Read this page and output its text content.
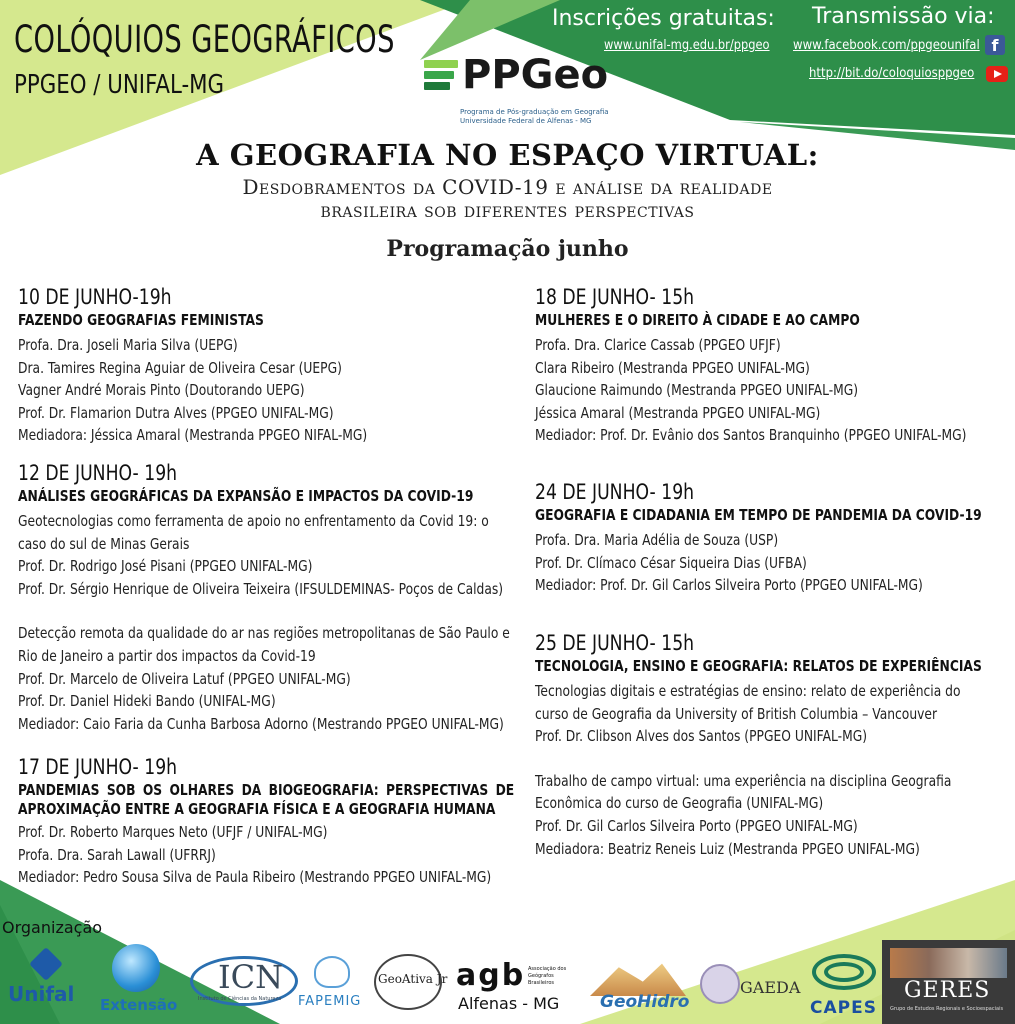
COLÓQUIOS GEOGRÁFICOS
PPGEO / UNIFAL-MG
Inscrições gratuitas:
www.unifal-mg.edu.br/ppgeo
Transmissão via:
www.facebook.com/ppgeounifal f
http://bit.do/coloquiosppgeo
PPGeo
Programa de Pós-graduação em Geografia
Universidade Federal de Alfenas - MG
A GEOGRAFIA NO ESPAÇO VIRTUAL:
Desdobramentos da COVID-19 e análise da realidade
brasileira sob diferentes perspectivas
Programação junho
10 DE JUNHO-19h
FAZENDO GEOGRAFIAS FEMINISTAS
Profa. Dra. Joseli Maria Silva (UEPG)
Dra. Tamires Regina Aguiar de Oliveira Cesar (UEPG)
Vagner André Morais Pinto (Doutorando UEPG)
Prof. Dr. Flamarion Dutra Alves (PPGEO UNIFAL-MG)
Mediadora: Jéssica Amaral (Mestranda PPGEO NIFAL-MG)
12 DE JUNHO- 19h
ANÁLISES GEOGRÁFICAS DA EXPANSÃO E IMPACTOS DA COVID-19
Geotecnologias como ferramenta de apoio no enfrentamento da Covid 19: o caso do sul de Minas Gerais
Prof. Dr. Rodrigo José Pisani (PPGEO UNIFAL-MG)
Prof. Dr. Sérgio Henrique de Oliveira Teixeira (IFSULDEMINAS- Poços de Caldas)
Detecção remota da qualidade do ar nas regiões metropolitanas de São Paulo e Rio de Janeiro a partir dos impactos da Covid-19
Prof. Dr. Marcelo de Oliveira Latuf (PPGEO UNIFAL-MG)
Prof. Dr. Daniel Hideki Bando (UNIFAL-MG)
Mediador: Caio Faria da Cunha Barbosa Adorno (Mestrando PPGEO UNIFAL-MG)
17 DE JUNHO- 19h
PANDEMIAS SOB OS OLHARES DA BIOGEOGRAFIA: PERSPECTIVAS DE APROXIMAÇÃO ENTRE A GEOGRAFIA FÍSICA E A GEOGRAFIA HUMANA
Prof. Dr. Roberto Marques Neto (UFJF / UNIFAL-MG)
Profa. Dra. Sarah Lawall (UFRRJ)
Mediador: Pedro Sousa Silva de Paula Ribeiro (Mestrando PPGEO UNIFAL-MG)
18 DE JUNHO- 15h
MULHERES E O DIREITO À CIDADE E AO CAMPO
Profa. Dra. Clarice Cassab (PPGEO UFJF)
Clara Ribeiro (Mestranda PPGEO UNIFAL-MG)
Glaucione Raimundo (Mestranda PPGEO UNIFAL-MG)
Jéssica Amaral (Mestranda PPGEO UNIFAL-MG)
Mediador: Prof. Dr. Evânio dos Santos Branquinho (PPGEO UNIFAL-MG)
24 DE JUNHO- 19h
GEOGRAFIA E CIDADANIA EM TEMPO DE PANDEMIA DA COVID-19
Profa. Dra. Maria Adélia de Souza (USP)
Prof. Dr. Clímaco César Siqueira Dias (UFBA)
Mediador: Prof. Dr. Gil Carlos Silveira Porto (PPGEO UNIFAL-MG)
25 DE JUNHO- 15h
TECNOLOGIA, ENSINO E GEOGRAFIA: RELATOS DE EXPERIÊNCIAS
Tecnologias digitais e estratégias de ensino: relato de experiência do curso de Geografia da University of British Columbia – Vancouver
Prof. Dr. Clibson Alves dos Santos (PPGEO UNIFAL-MG)
Trabalho de campo virtual: uma experiência na disciplina Geografia Econômica do curso de Geografia (UNIFAL-MG)
Prof. Dr. Gil Carlos Silveira Porto (PPGEO UNIFAL-MG)
Mediadora: Beatriz Reneis Luiz (Mestranda PPGEO UNIFAL-MG)
Organização
Unifal Extensão
ICN
Instituto de Ciências da Natureza FAPEMIG
GeoAtiva Jr agb Associação dos Geógrafos Brasileiros
Alfenas - MG GeoHidro
GAEDA
CAPES
GERES
Grupo de Estudos Regionais e Socioespaciais
